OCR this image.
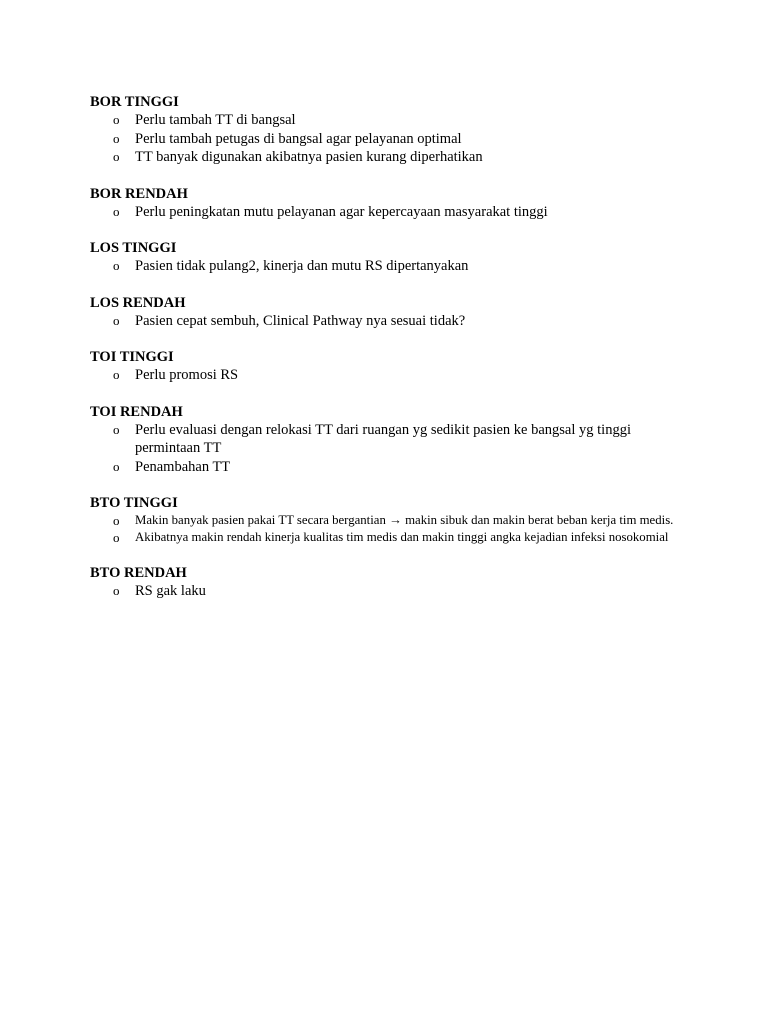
BOR TINGGI
o Perlu tambah TT di bangsal
o Perlu tambah petugas di bangsal agar pelayanan optimal
o TT banyak digunakan akibatnya pasien kurang diperhatikan
BOR RENDAH
o Perlu peningkatan mutu pelayanan agar kepercayaan masyarakat tinggi
LOS TINGGI
o Pasien tidak pulang2, kinerja dan mutu RS dipertanyakan
LOS RENDAH
o Pasien cepat sembuh, Clinical Pathway nya sesuai tidak?
TOI TINGGI
o Perlu promosi RS
TOI RENDAH
o Perlu evaluasi dengan relokasi TT dari ruangan yg sedikit pasien ke bangsal yg tinggi permintaan TT
o Penambahan TT
BTO TINGGI
o Makin banyak pasien pakai TT secara bergantian → makin sibuk dan makin berat beban kerja tim medis.
o Akibatnya makin rendah kinerja kualitas tim medis dan makin tinggi angka kejadian infeksi nosokomial
BTO RENDAH
o RS gak laku
